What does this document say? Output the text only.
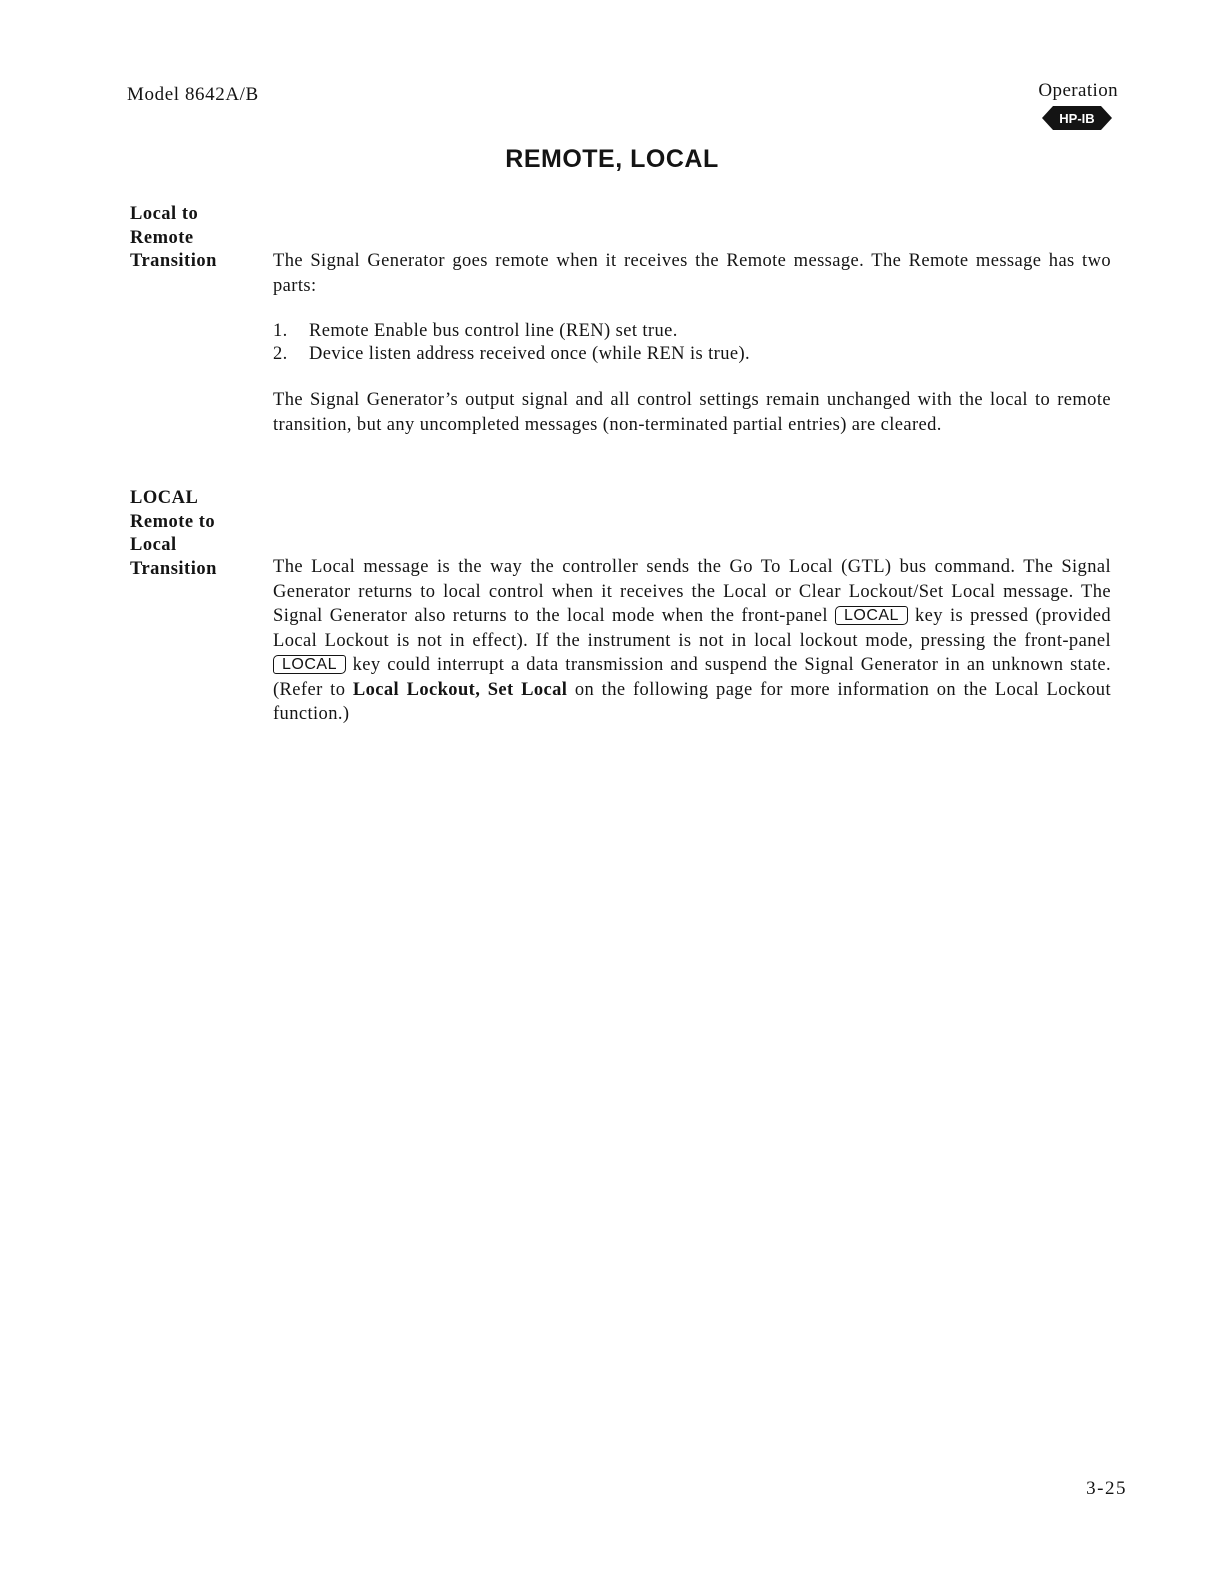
Model 8642A/B	Operation
HP-IB
REMOTE, LOCAL
Local to
Remote
Transition	The Signal Generator goes remote when it receives the Remote message. The Remote message has two parts:

1.	Remote Enable bus control line (REN) set true.
2.	Device listen address received once (while REN is true).

The Signal Generator’s output signal and all control settings remain unchanged with the local to remote transition, but any uncompleted messages (non-terminated partial entries) are cleared.

LOCAL
Remote to
Local
Transition	The Local message is the way the controller sends the Go To Local (GTL) bus command. The Signal Generator returns to local control when it receives the Local or Clear Lockout/Set Local message. The Signal Generator also returns to the local mode when the front-panel LOCAL key is pressed (provided Local Lockout is not in effect). If the instrument is not in local lockout mode, pressing the front-panel LOCAL key could interrupt a data transmission and suspend the Signal Generator in an unknown state. (Refer to Local Lockout, Set Local on the following page for more information on the Local Lockout function.)

3-25
